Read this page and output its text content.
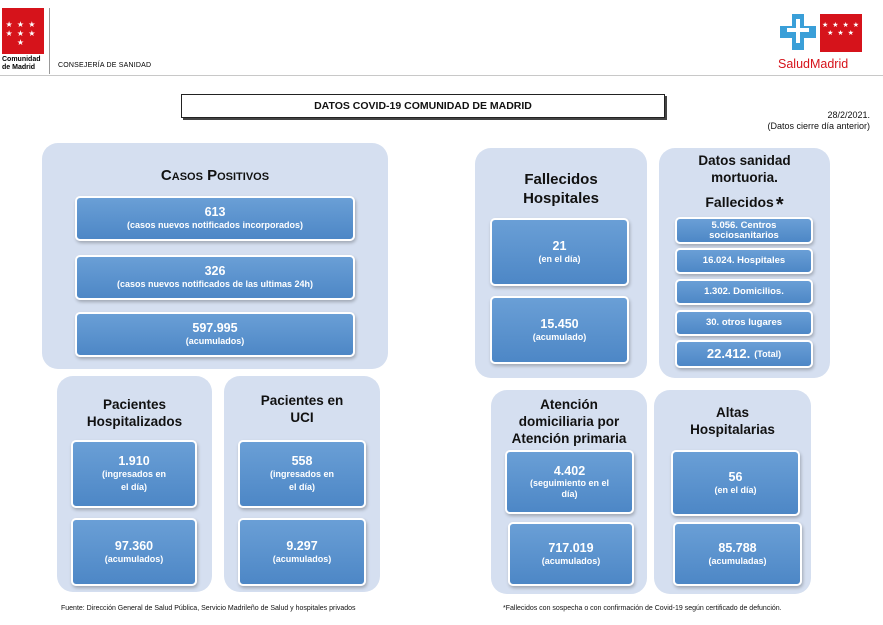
★ ★ ★ ★ ★ ★ ★
Comunidad
de Madrid	CONSEJERÍA DE SANIDAD
★ ★ ★ ★ ★ ★ ★
SaludMadrid
DATOS COVID-19 COMUNIDAD DE MADRID
28/2/2021.
(Datos cierre día anterior)
Casos Positivos
613
(casos nuevos notificados incorporados)
326
(casos nuevos notificados de las ultimas 24h)
597.995
(acumulados)
Pacientes
Hospitalizados
1.910
(ingresados en
el día)
97.360
(acumulados)
Pacientes en
UCI
558
(ingresados en
el día)
9.297
(acumulados)
Fallecidos
Hospitales
21
(en el día)
15.450
(acumulado)
Datos sanidad
mortuoria.
Fallecidos *
5.056. Centros
sociosanitarios
16.024. Hospitales
1.302. Domicilios.
30. otros lugares
22.412. (Total)
Atención
domiciliaria por
Atención primaria
4.402
(seguimiento en el
día)
717.019
(acumulados)
Altas
Hospitalarias
56
(en el día)
85.788
(acumuladas)
Fuente: Dirección General de Salud Pública, Servicio Madrileño de Salud y hospitales privados	*Fallecidos con sospecha o con confirmación de Covid-19 según certificado de defunción.
